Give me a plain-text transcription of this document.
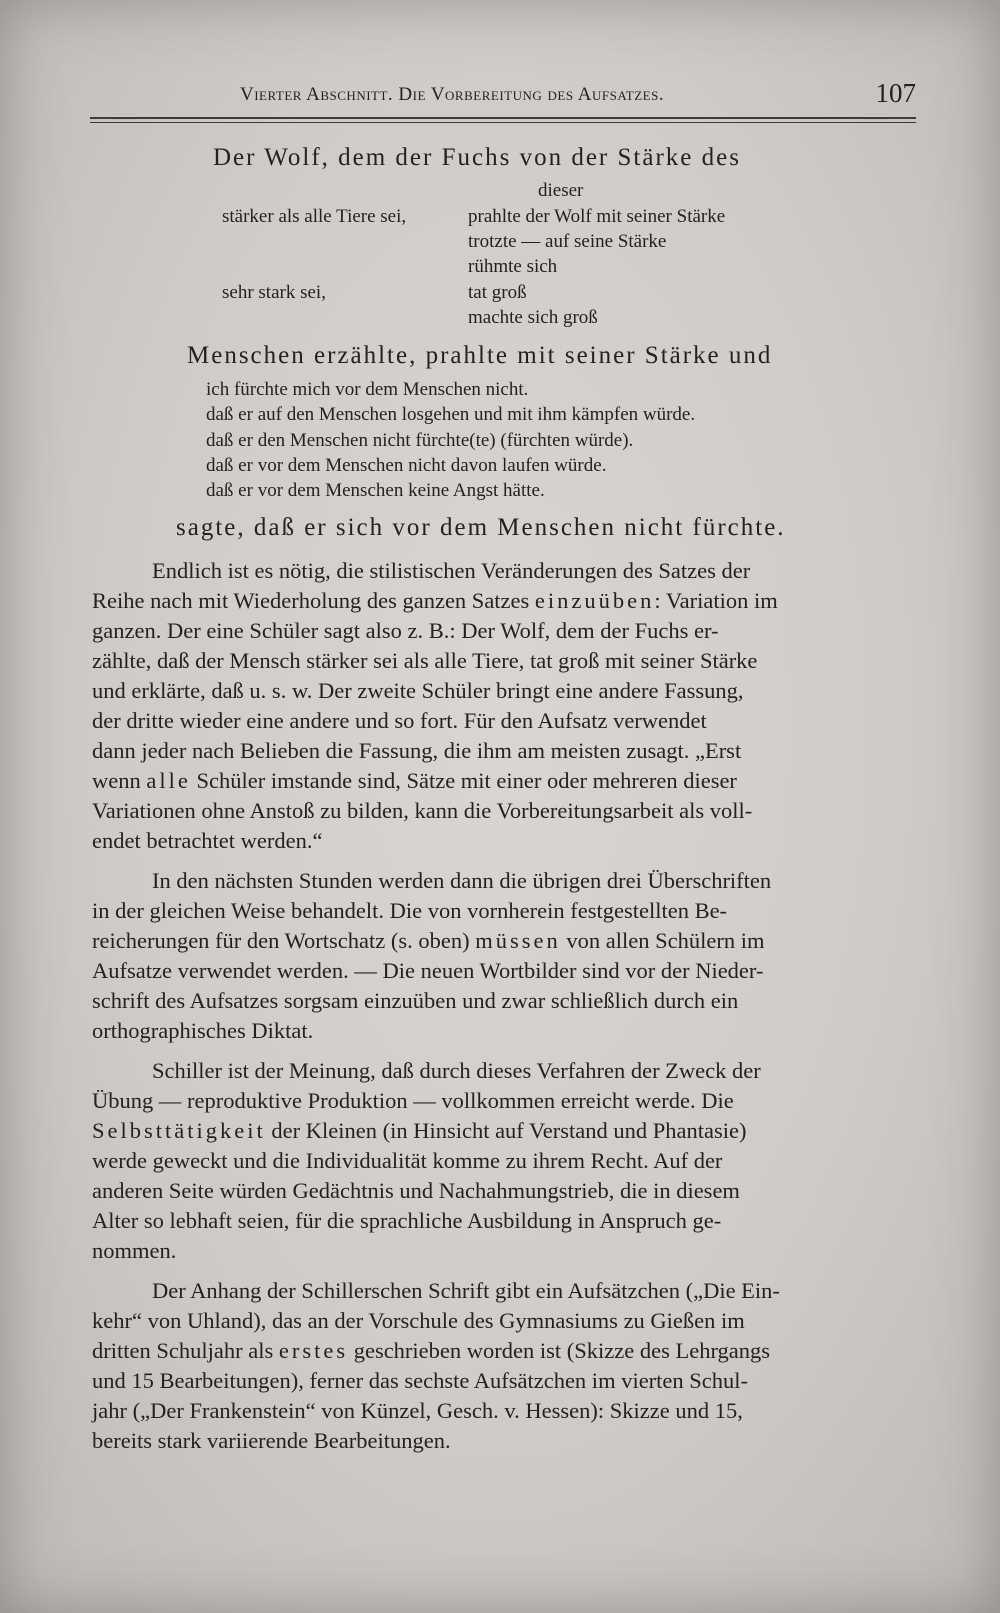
Vierter Abschnitt. Die Vorbereitung des Aufsatzes.	107
Der Wolf, dem der Fuchs von der Stärke des
dieser
stärker als alle Tiere sei,	prahlte der Wolf mit seiner Stärke
trotzte — auf seine Stärke
rühmte sich
sehr stark sei,	tat groß
machte sich groß
Menschen erzählte, prahlte mit seiner Stärke und
ich fürchte mich vor dem Menschen nicht.
daß er auf den Menschen losgehen und mit ihm kämpfen würde.
daß er den Menschen nicht fürchte(te) (fürchten würde).
daß er vor dem Menschen nicht davon laufen würde.
daß er vor dem Menschen keine Angst hätte.
sagte, daß er sich vor dem Menschen nicht fürchte.
Endlich ist es nötig, die stilistischen Veränderungen des Satzes der
Reihe nach mit Wiederholung des ganzen Satzes einzuüben: Variation im
ganzen. Der eine Schüler sagt also z. B.: Der Wolf, dem der Fuchs er-
zählte, daß der Mensch stärker sei als alle Tiere, tat groß mit seiner Stärke
und erklärte, daß u. s. w. Der zweite Schüler bringt eine andere Fassung,
der dritte wieder eine andere und so fort. Für den Aufsatz verwendet
dann jeder nach Belieben die Fassung, die ihm am meisten zusagt. „Erst
wenn alle Schüler imstande sind, Sätze mit einer oder mehreren dieser
Variationen ohne Anstoß zu bilden, kann die Vorbereitungsarbeit als voll-
endet betrachtet werden.“
In den nächsten Stunden werden dann die übrigen drei Überschriften
in der gleichen Weise behandelt. Die von vornherein festgestellten Be-
reicherungen für den Wortschatz (s. oben) müssen von allen Schülern im
Aufsatze verwendet werden. — Die neuen Wortbilder sind vor der Nieder-
schrift des Aufsatzes sorgsam einzuüben und zwar schließlich durch ein
orthographisches Diktat.
Schiller ist der Meinung, daß durch dieses Verfahren der Zweck der
Übung — reproduktive Produktion — vollkommen erreicht werde. Die
Selbsttätigkeit der Kleinen (in Hinsicht auf Verstand und Phantasie)
werde geweckt und die Individualität komme zu ihrem Recht. Auf der
anderen Seite würden Gedächtnis und Nachahmungstrieb, die in diesem
Alter so lebhaft seien, für die sprachliche Ausbildung in Anspruch ge-
nommen.
Der Anhang der Schillerschen Schrift gibt ein Aufsätzchen („Die Ein-
kehr“ von Uhland), das an der Vorschule des Gymnasiums zu Gießen im
dritten Schuljahr als erstes geschrieben worden ist (Skizze des Lehrgangs
und 15 Bearbeitungen), ferner das sechste Aufsätzchen im vierten Schul-
jahr („Der Frankenstein“ von Künzel, Gesch. v. Hessen): Skizze und 15,
bereits stark variierende Bearbeitungen.
